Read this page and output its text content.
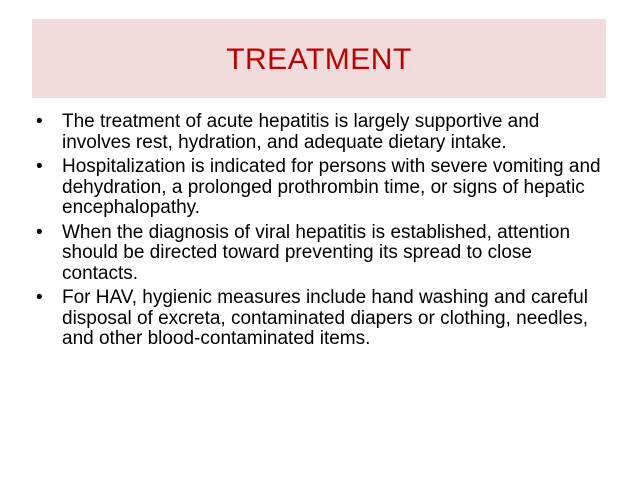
TREATMENT
• The treatment of acute hepatitis is largely supportive and involves rest, hydration, and adequate dietary intake.
• Hospitalization is indicated for persons with severe vomiting and dehydration, a prolonged prothrombin time, or signs of hepatic encephalopathy.
• When the diagnosis of viral hepatitis is established, attention should be directed toward preventing its spread to close contacts.
• For HAV, hygienic measures include hand washing and careful disposal of excreta, contaminated diapers or clothing, needles, and other blood-contaminated items.
